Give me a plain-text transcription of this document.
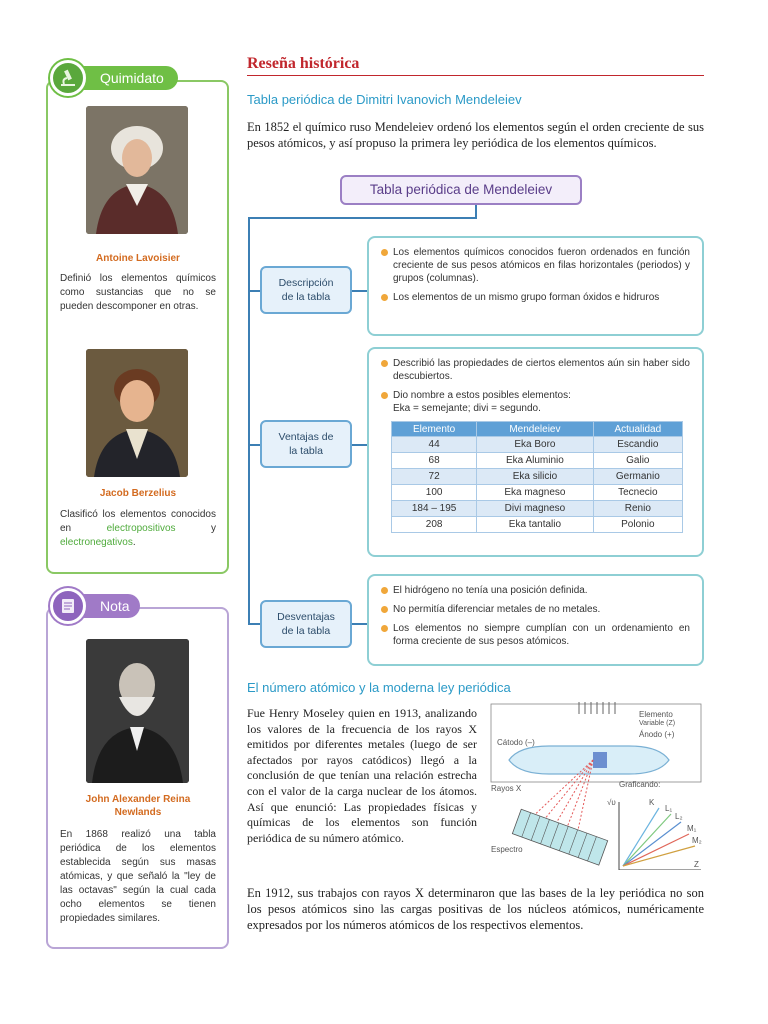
Quimidato
Antoine Lavoisier
Definió los elementos químicos como sustancias que no se pueden descomponer en otras.
Jacob Berzelius
Clasificó los elementos conocidos en electropositivos y electronegativos.
Nota
John Alexander Reina
Newlands
En 1868 realizó una tabla periódica de los elementos establecida según sus masas atómicas, y que señaló la "ley de las octavas" según la cual cada ocho elementos se tienen propiedades similares.
Reseña histórica
Tabla periódica de Dimitri Ivanovich Mendeleiev
En 1852 el químico ruso Mendeleiev ordenó los elementos según el orden creciente de sus pesos atómicos, y así propuso la primera ley periódica de los elementos químicos.
Tabla periódica de Mendeleiev
Descripción
de la tabla
Los elementos químicos conocidos fueron ordenados en función creciente de sus pesos atómicos en filas horizontales (periodos) y grupos (columnas).
Los elementos de un mismo grupo forman óxidos e hidruros
Ventajas de
la tabla
Describió las propiedades de ciertos elementos aún sin haber sido descubiertos.
Dio nombre a estos posibles elementos:
Eka = semejante; divi = segundo.
Elemento	Mendeleiev	Actualidad
44	Eka Boro	Escandio
68	Eka Aluminio	Galio
72	Eka silicio	Germanio
100	Eka magneso	Tecnecio
184 – 195	Divi magneso	Renio
208	Eka tantalio	Polonio
Desventajas
de la tabla
El hidrógeno no tenía una posición definida.
No permitía diferenciar metales de no metales.
Los elementos no siempre cumplían con un ordenamiento en forma creciente de sus pesos atómicos.
El número atómico y la moderna ley periódica
Fue Henry Moseley quien en 1913, analizando los valores de la frecuencia de los rayos X emitidos por diferentes metales (luego de ser afectados por rayos catódicos) llegó a la conclusión de que tenían una relación estrecha con el valor de la carga nuclear de los átomos. Así que enunció: Las propiedades físicas y químicas de los elementos son función periódica de su número atómico.
Elemento
Variable (Z)
Ánodo (+)
Cátodo (–)
Rayos X	Graficando:
Espectro
√υ
Z
K
L₁
L₂
M₁
M₂
En 1912, sus trabajos con rayos X determinaron que las bases de la ley periódica no son los pesos atómicos sino las cargas positivas de los núcleos atómicos, numéricamente expresados por los números atómicos de los respectivos elementos.
